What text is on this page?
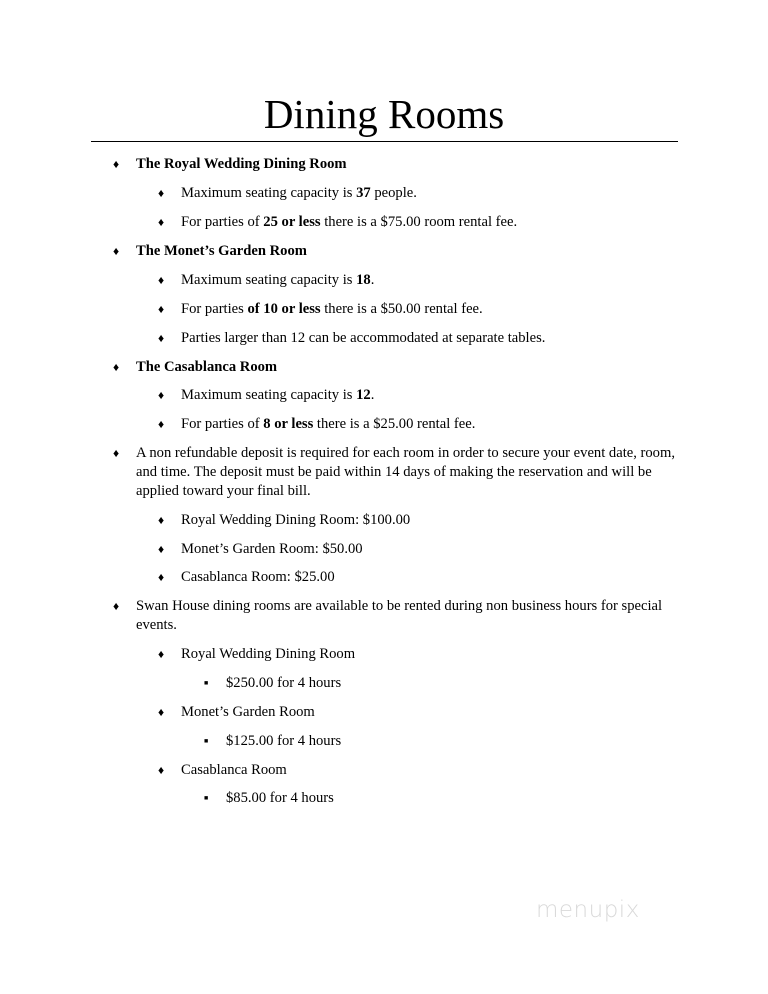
Dining Rooms
♦ The Royal Wedding Dining Room
♦ Maximum seating capacity is 37 people.
♦ For parties of 25 or less there is a $75.00 room rental fee.
♦ The Monet’s Garden Room
♦ Maximum seating capacity is 18.
♦ For parties of 10 or less there is a $50.00 rental fee.
♦ Parties larger than 12 can be accommodated at separate tables.
♦ The Casablanca Room
♦ Maximum seating capacity is 12.
♦ For parties of 8 or less there is a $25.00 rental fee.
♦ A non refundable deposit is required for each room in order to secure your event date, room, and time. The deposit must be paid within 14 days of making the reservation and will be applied toward your final bill.
♦ Royal Wedding Dining Room: $100.00
♦ Monet’s Garden Room: $50.00
♦ Casablanca Room: $25.00
♦ Swan House dining rooms are available to be rented during non business hours for special events.
♦ Royal Wedding Dining Room
■ $250.00 for 4 hours
♦ Monet’s Garden Room
■ $125.00 for 4 hours
♦ Casablanca Room
■ $85.00 for 4 hours
menupix
